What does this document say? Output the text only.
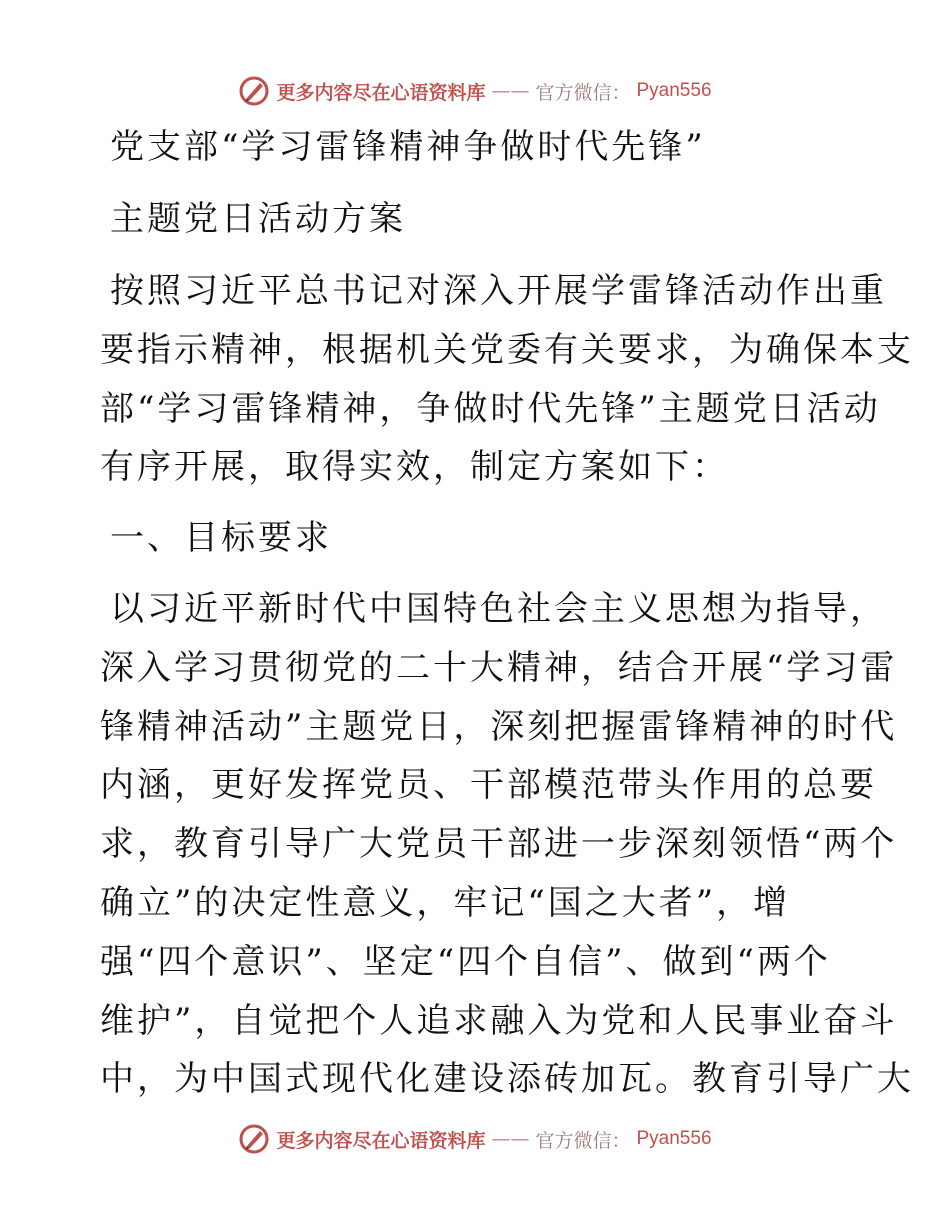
更多内容尽在心语资料库 —— 官方微信： Pyan556
党支部“学习雷锋精神争做时代先锋”
主题党日活动方案
按照习近平总书记对深入开展学雷锋活动作出重
要指示精神，根据机关党委有关要求，为确保本支
部“学习雷锋精神，争做时代先锋”主题党日活动
有序开展，取得实效，制定方案如下：
一、目标要求
以习近平新时代中国特色社会主义思想为指导，
深入学习贯彻党的二十大精神，结合开展“学习雷
锋精神活动”主题党日，深刻把握雷锋精神的时代
内涵，更好发挥党员、干部模范带头作用的总要
求，教育引导广大党员干部进一步深刻领悟“两个
确立”的决定性意义，牢记“国之大者”，增
强“四个意识”、坚定“四个自信”、做到“两个
维护”，自觉把个人追求融入为党和人民事业奋斗
中，为中国式现代化建设添砖加瓦。教育引导广大
更多内容尽在心语资料库 —— 官方微信： Pyan556
